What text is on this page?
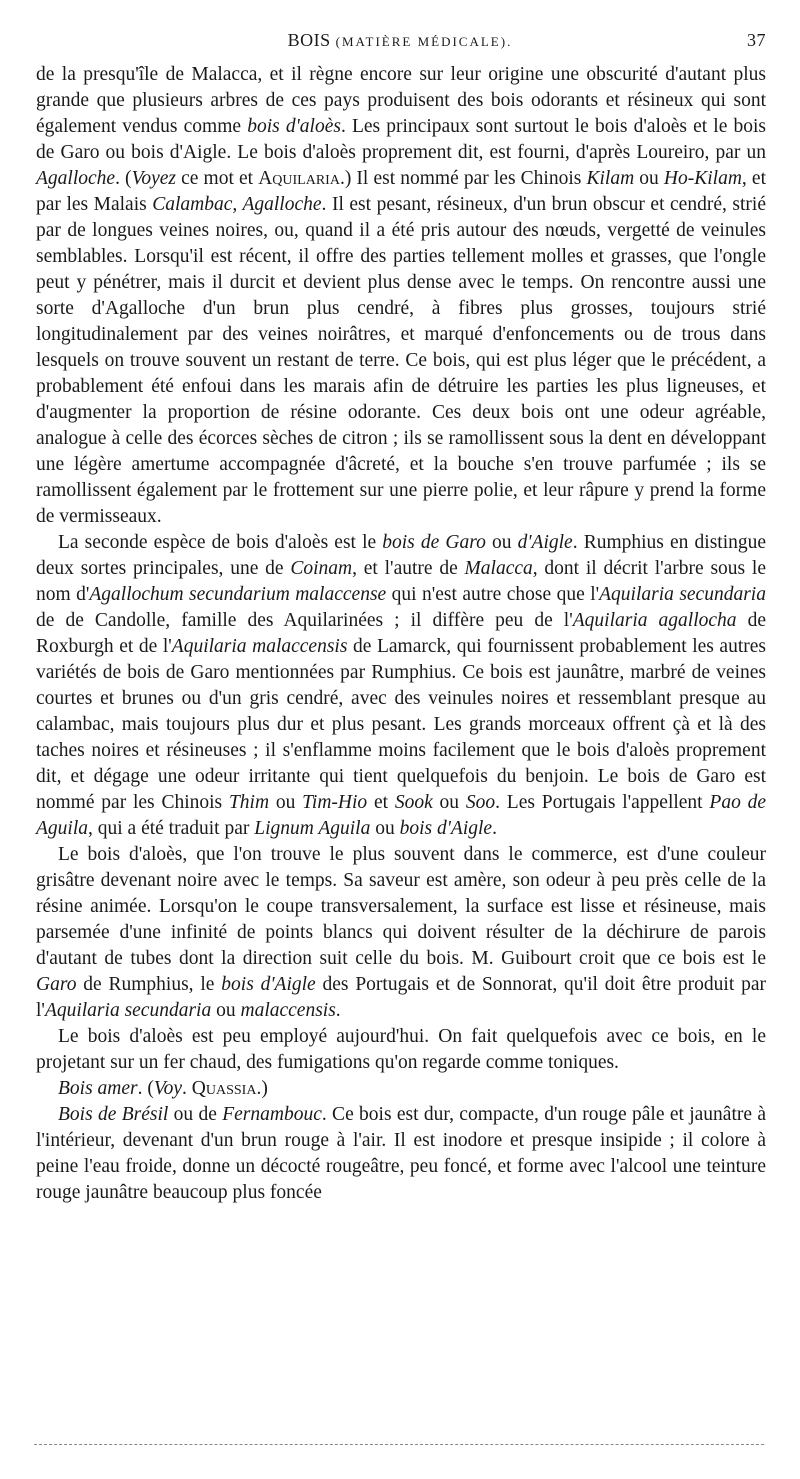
BOIS (MATIÈRE MÉDICALE).	37

de la presqu'île de Malacca, et il règne encore sur leur origine une obscurité d'autant plus grande que plusieurs arbres de ces pays produisent des bois odorants et résineux qui sont également vendus comme bois d'aloès. Les principaux sont surtout le bois d'aloès et le bois de Garo ou bois d'Aigle. Le bois d'aloès proprement dit, est fourni, d'après Loureiro, par un Agalloche. (Voyez ce mot et Aquilaria.) Il est nommé par les Chinois Kilam ou Ho-Kilam, et par les Malais Calambac, Agalloche. Il est pesant, résineux, d'un brun obscur et cendré, strié par de longues veines noires, ou, quand il a été pris autour des nœuds, vergetté de veinules semblables. Lorsqu'il est récent, il offre des parties tellement molles et grasses, que l'ongle peut y pénétrer, mais il durcit et devient plus dense avec le temps. On rencontre aussi une sorte d'Agalloche d'un brun plus cendré, à fibres plus grosses, toujours strié longitudinalement par des veines noirâtres, et marqué d'enfoncements ou de trous dans lesquels on trouve souvent un restant de terre. Ce bois, qui est plus léger que le précédent, a probablement été enfoui dans les marais afin de détruire les parties les plus ligneuses, et d'augmenter la proportion de résine odorante. Ces deux bois ont une odeur agréable, analogue à celle des écorces sèches de citron ; ils se ramollissent sous la dent en développant une légère amertume accompagnée d'âcreté, et la bouche s'en trouve parfumée ; ils se ramollissent également par le frottement sur une pierre polie, et leur râpure y prend la forme de vermisseaux.

La seconde espèce de bois d'aloès est le bois de Garo ou d'Aigle. Rumphius en distingue deux sortes principales, une de Coinam, et l'autre de Malacca, dont il décrit l'arbre sous le nom d'Agallochum secundarium malaccense qui n'est autre chose que l'Aquilaria secundaria de de Candolle, famille des Aquilarinées ; il diffère peu de l'Aquilaria agallocha de Roxburgh et de l'Aquilaria malaccensis de Lamarck, qui fournissent probablement les autres variétés de bois de Garo mentionnées par Rumphius. Ce bois est jaunâtre, marbré de veines courtes et brunes ou d'un gris cendré, avec des veinules noires et ressemblant presque au calambac, mais toujours plus dur et plus pesant. Les grands morceaux offrent çà et là des taches noires et résineuses ; il s'enflamme moins facilement que le bois d'aloès proprement dit, et dégage une odeur irritante qui tient quelquefois du benjoin. Le bois de Garo est nommé par les Chinois Thim ou Tim-Hio et Sook ou Soo. Les Portugais l'appellent Pao de Aguila, qui a été traduit par Lignum Aguila ou bois d'Aigle.

Le bois d'aloès, que l'on trouve le plus souvent dans le commerce, est d'une couleur grisâtre devenant noire avec le temps. Sa saveur est amère, son odeur à peu près celle de la résine animée. Lorsqu'on le coupe transversalement, la surface est lisse et résineuse, mais parsemée d'une infinité de points blancs qui doivent résulter de la déchirure de parois d'autant de tubes dont la direction suit celle du bois. M. Guibourt croit que ce bois est le Garo de Rumphius, le bois d'Aigle des Portugais et de Sonnorat, qu'il doit être produit par l'Aquilaria secundaria ou malaccensis.

Le bois d'aloès est peu employé aujourd'hui. On fait quelquefois avec ce bois, en le projetant sur un fer chaud, des fumigations qu'on regarde comme toniques.

Bois amer. (Voy. Quassia.)

Bois de Brésil ou de Fernambouc. Ce bois est dur, compacte, d'un rouge pâle et jaunâtre à l'intérieur, devenant d'un brun rouge à l'air. Il est inodore et presque insipide ; il colore à peine l'eau froide, donne un décocté rougeâtre, peu foncé, et forme avec l'alcool une teinture rouge jaunâtre beaucoup plus foncée
